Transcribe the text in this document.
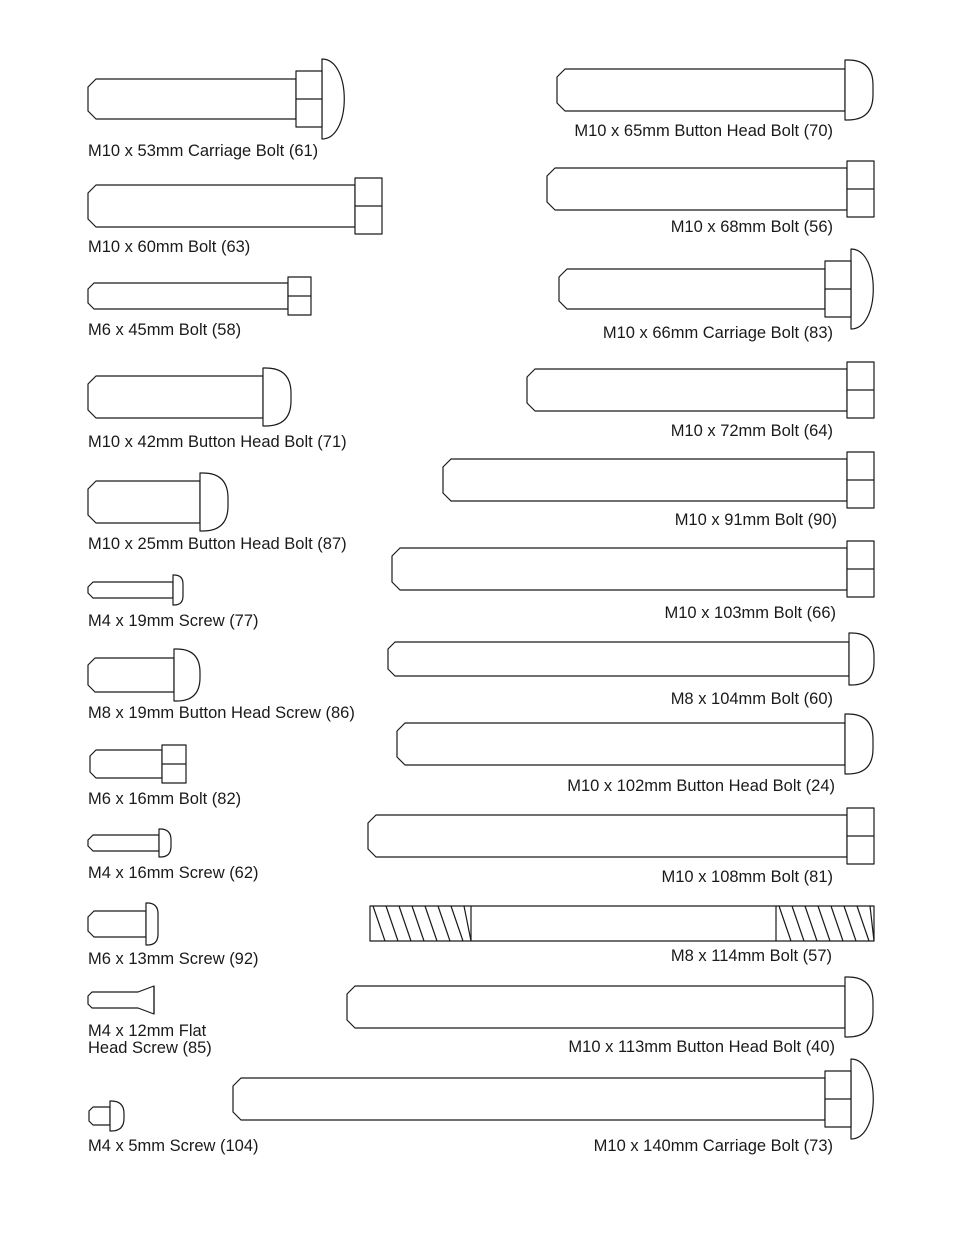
M10 x 53mm Carriage Bolt (61)
M10 x 60mm Bolt (63)
M6 x 45mm Bolt (58)
M10 x 42mm Button Head Bolt (71)
M10 x 25mm Button Head Bolt (87)
M4 x 19mm Screw (77)
M8 x 19mm Button Head Screw (86)
M6 x 16mm Bolt (82)
M4 x 16mm Screw (62)
M6 x 13mm Screw (92)
M4 x 12mm Flat
Head Screw (85)
M4 x 5mm Screw (104)
M10 x 65mm Button Head Bolt (70)
M10 x 68mm Bolt (56)
M10 x 66mm Carriage Bolt (83)
M10 x 72mm Bolt (64)
M10 x 91mm Bolt (90)
M10 x 103mm Bolt (66)
M8 x 104mm Bolt (60)
M10 x 102mm Button Head Bolt (24)
M10 x 108mm Bolt (81)
M8 x 114mm Bolt (57)
M10 x 113mm Button Head Bolt (40)
M10 x 140mm Carriage Bolt (73)
